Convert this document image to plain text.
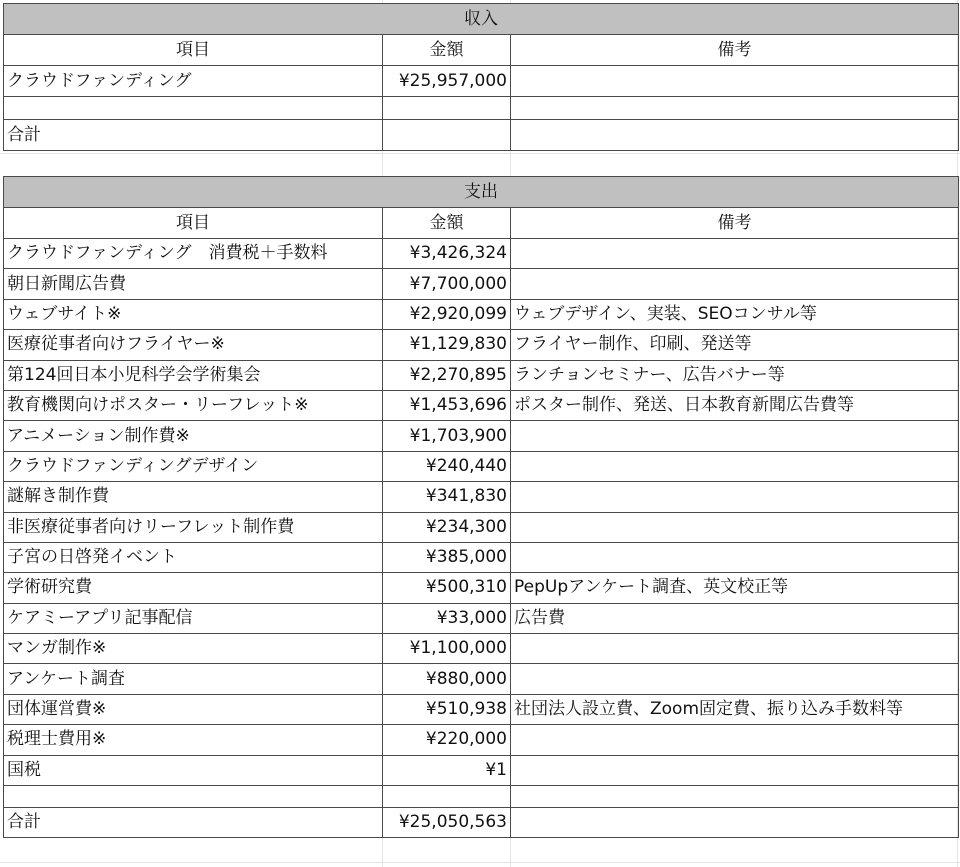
収入		
項目	金額	備考
クラウドファンディング	¥25,957,000	

合計		
支出		
項目	金額	備考
クラウドファンディング　消費税＋手数料	¥3,426,324	
朝日新聞広告費	¥7,700,000	
ウェブサイト※	¥2,920,099	ウェブデザイン、実装、SEOコンサル等
医療従事者向けフライヤー※	¥1,129,830	フライヤー制作、印刷、発送等
第124回日本小児科学会学術集会	¥2,270,895	ランチョンセミナー、広告バナー等
教育機関向けポスター・リーフレット※	¥1,453,696	ポスター制作、発送、日本教育新聞広告費等
アニメーション制作費※	¥1,703,900	
クラウドファンディングデザイン	¥240,440	
謎解き制作費	¥341,830	
非医療従事者向けリーフレット制作費	¥234,300	
子宮の日啓発イベント	¥385,000	
学術研究費	¥500,310	PepUpアンケート調査、英文校正等
ケアミーアプリ記事配信	¥33,000	広告費
マンガ制作※	¥1,100,000	
アンケート調査	¥880,000	
団体運営費※	¥510,938	社団法人設立費、Zoom固定費、振り込み手数料等
税理士費用※	¥220,000	
国税	¥1	

合計	¥25,050,563	
